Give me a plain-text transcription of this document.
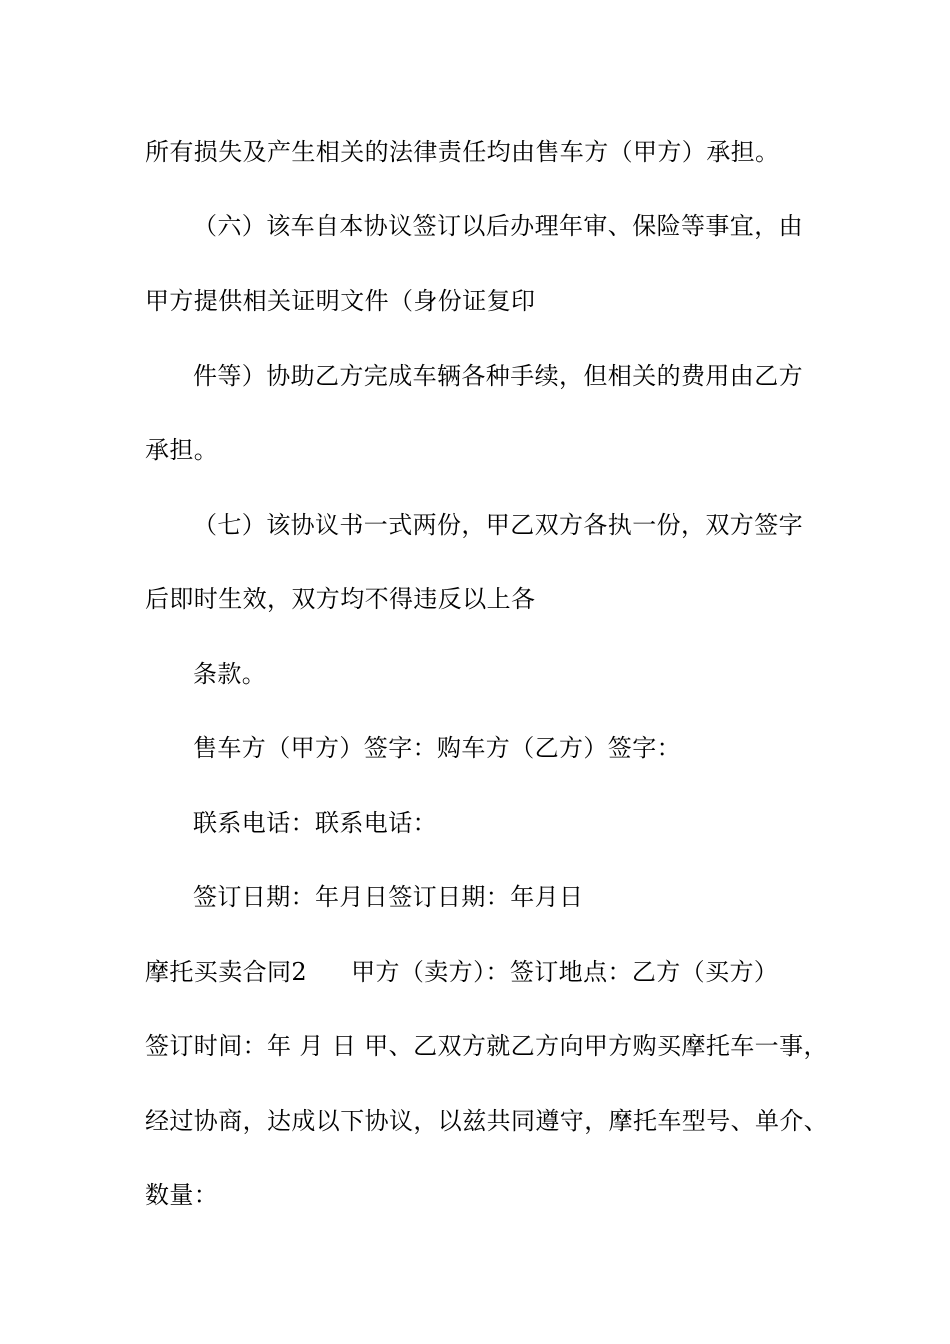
所有损失及产生相关的法律责任均由售车方（甲方）承担。
（六）该车自本协议签订以后办理年审、保险等事宜，由
甲方提供相关证明文件（身份证复印
件等）协助乙方完成车辆各种手续，但相关的费用由乙方
承担。
（七）该协议书一式两份，甲乙双方各执一份，双方签字
后即时生效，双方均不得违反以上各
条款。
售车方（甲方）签字：购车方（乙方）签字：
联系电话：联系电话：
签订日期：年月日签订日期：年月日
摩托买卖合同2 甲方（卖方）：签订地点：乙方（买方）
签订时间：年 月 日 甲、乙双方就乙方向甲方购买摩托车一事，
经过协商，达成以下协议，以兹共同遵守，摩托车型号、单介、
数量：
